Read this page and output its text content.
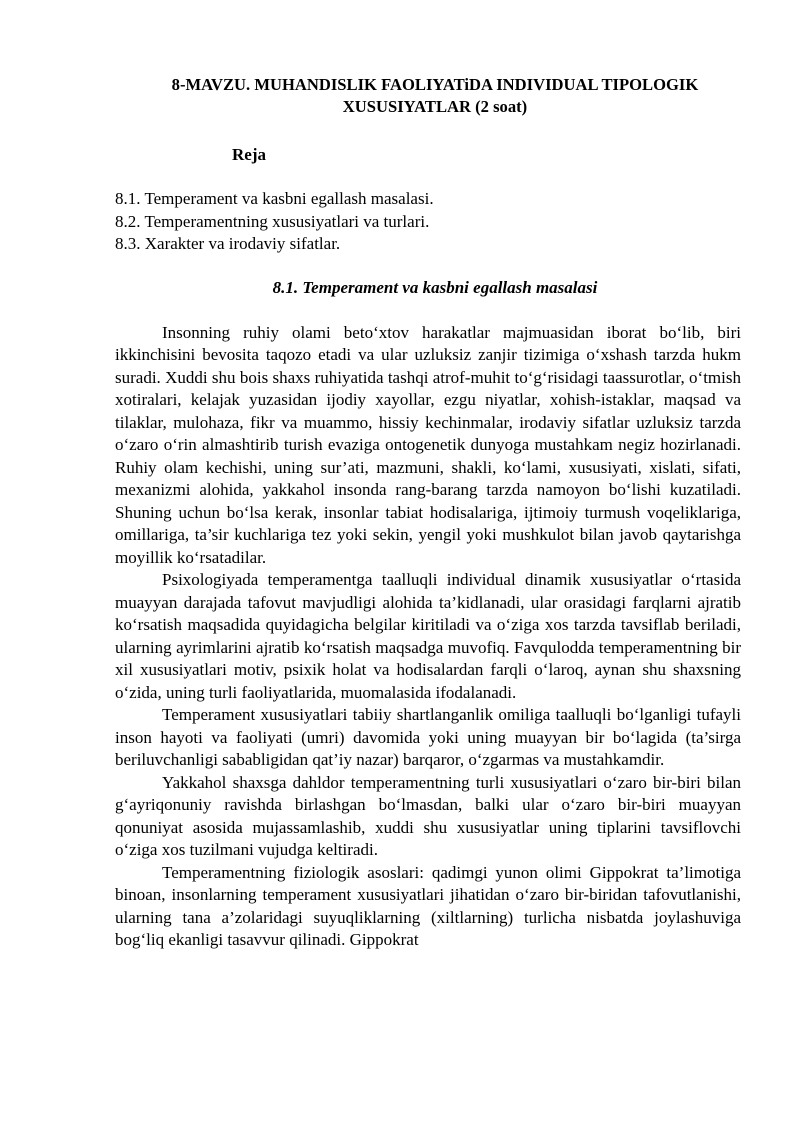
8-MAVZU. MUHANDISLIK FAOLIYATiDA INDIVIDUAL TIPOLOGIK XUSUSIYATLAR (2 soat)
Reja
8.1. Temperament va kasbni egallash masalasi.
8.2. Temperamentning xususiyatlari va turlari.
8.3. Xarakter va irodaviy sifatlar.
8.1. Temperament va kasbni egallash masalasi

Insonning ruhiy olami beto‘xtov harakatlar majmuasidan iborat bo‘lib, biri ikkinchisini bevosita taqozo etadi va ular uzluksiz zanjir tizimiga o‘xshash tarzda hukm suradi. Xuddi shu bois shaxs ruhiyatida tashqi atrof-muhit to‘g‘risidagi taassurotlar, o‘tmish xotiralari, kelajak yuzasidan ijodiy xayollar, ezgu niyatlar, xohish-istaklar, maqsad va tilaklar, mulohaza, fikr va muammo, hissiy kechinmalar, irodaviy sifatlar uzluksiz tarzda o‘zaro o‘rin almashtirib turish evaziga ontogenetik dunyoga mustahkam negiz hozirlanadi. Ruhiy olam kechishi, uning sur’ati, mazmuni, shakli, ko‘lami, xususiyati, xislati, sifati, mexanizmi alohida, yakkahol insonda rang-barang tarzda namoyon bo‘lishi kuzatiladi. Shuning uchun bo‘lsa kerak, insonlar tabiat hodisalariga, ijtimoiy turmush voqeliklariga, omillariga, ta’sir kuchlariga tez yoki sekin, yengil yoki mushkulot bilan javob qaytarishga moyillik ko‘rsatadilar.

Psixologiyada temperamentga taalluqli individual dinamik xususiyatlar o‘rtasida muayyan darajada tafovut mavjudligi alohida ta’kidlanadi, ular orasidagi farqlarni ajratib ko‘rsatish maqsadida quyidagicha belgilar kiritiladi va o‘ziga xos tarzda tavsiflab beriladi, ularning ayrimlarini ajratib ko‘rsatish maqsadga muvofiq. Favqulodda temperamentning bir xil xususiyatlari motiv, psixik holat va hodisalardan farqli o‘laroq, aynan shu shaxsning o‘zida, uning turli faoliyatlarida, muomalasida ifodalanadi.

Temperament xususiyatlari tabiiy shartlanganlik omiliga taalluqli bo‘lganligi tufayli inson hayoti va faoliyati (umri) davomida yoki uning muayyan bir bo‘lagida (ta’sirga beriluvchanligi sababligidan qat’iy nazar) barqaror, o‘zgarmas va mustahkamdir.

Yakkahol shaxsga dahldor temperamentning turli xususiyatlari o‘zaro bir-biri bilan g‘ayriqonuniy ravishda birlashgan bo‘lmasdan, balki ular o‘zaro bir-biri muayyan qonuniyat asosida mujassamlashib, xuddi shu xususiyatlar uning tiplarini tavsiflovchi o‘ziga xos tuzilmani vujudga keltiradi.

Temperamentning fiziologik asoslari: qadimgi yunon olimi Gippokrat ta’limotiga binoan, insonlarning temperament xususiyatlari jihatidan o‘zaro bir-biridan tafovutlanishi, ularning tana a’zolaridagi suyuqliklarning (xiltlarning) turlicha nisbatda joylashuviga bog‘liq ekanligi tasavvur qilinadi. Gippokrat
